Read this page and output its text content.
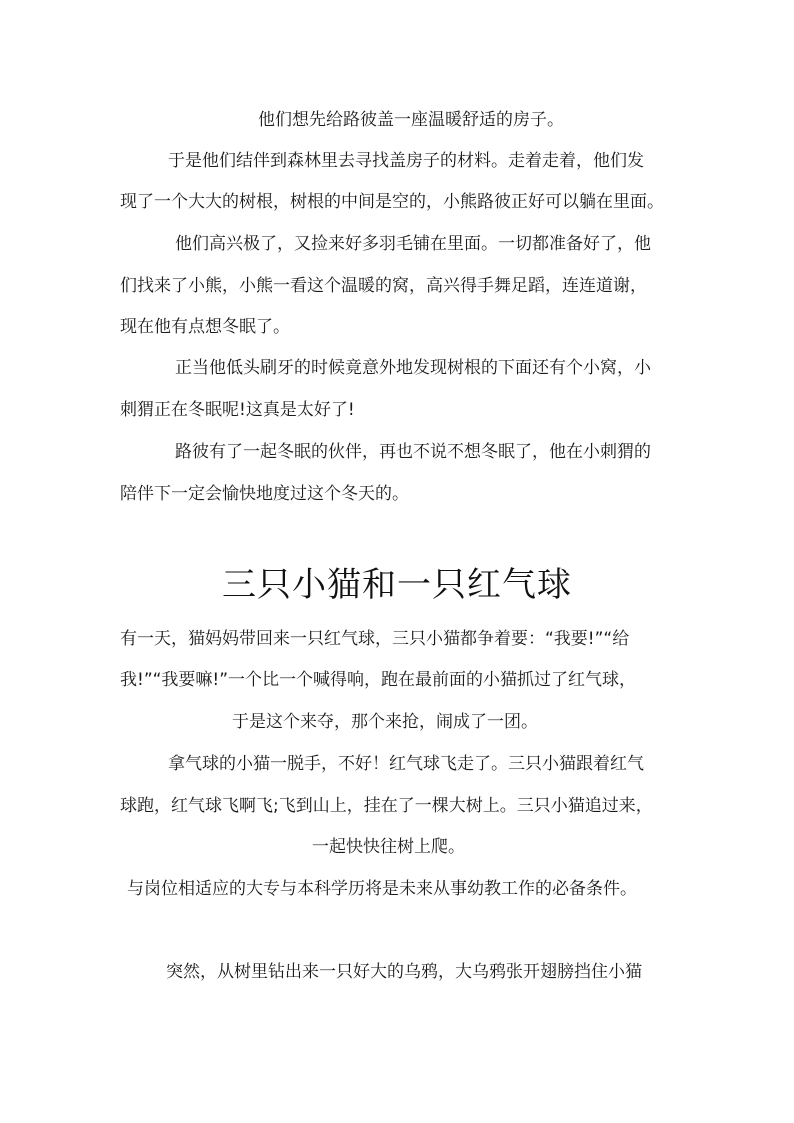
他们想先给路彼盖一座温暖舒适的房子。
于是他们结伴到森林里去寻找盖房子的材料。走着走着，他们发
现了一个大大的树根，树根的中间是空的，小熊路彼正好可以躺在里面。
他们高兴极了，又捡来好多羽毛铺在里面。一切都准备好了，他
们找来了小熊，小熊一看这个温暖的窝，高兴得手舞足蹈，连连道谢，
现在他有点想冬眠了。
正当他低头刷牙的时候竟意外地发现树根的下面还有个小窝，小
刺猬正在冬眠呢!这真是太好了!
路彼有了一起冬眠的伙伴，再也不说不想冬眠了，他在小刺猬的
陪伴下一定会愉快地度过这个冬天的。
三只小猫和一只红气球
有一天，猫妈妈带回来一只红气球，三只小猫都争着要：“我要!”“给
我!”“我要嘛!”一个比一个喊得响，跑在最前面的小猫抓过了红气球，
于是这个来夺，那个来抢，闹成了一团。
拿气球的小猫一脱手，不好！红气球飞走了。三只小猫跟着红气
球跑，红气球飞啊飞;飞到山上，挂在了一棵大树上。三只小猫追过来，
一起快快往树上爬。
与岗位相适应的大专与本科学历将是未来从事幼教工作的必备条件。
突然，从树里钻出来一只好大的乌鸦，大乌鸦张开翅膀挡住小猫
